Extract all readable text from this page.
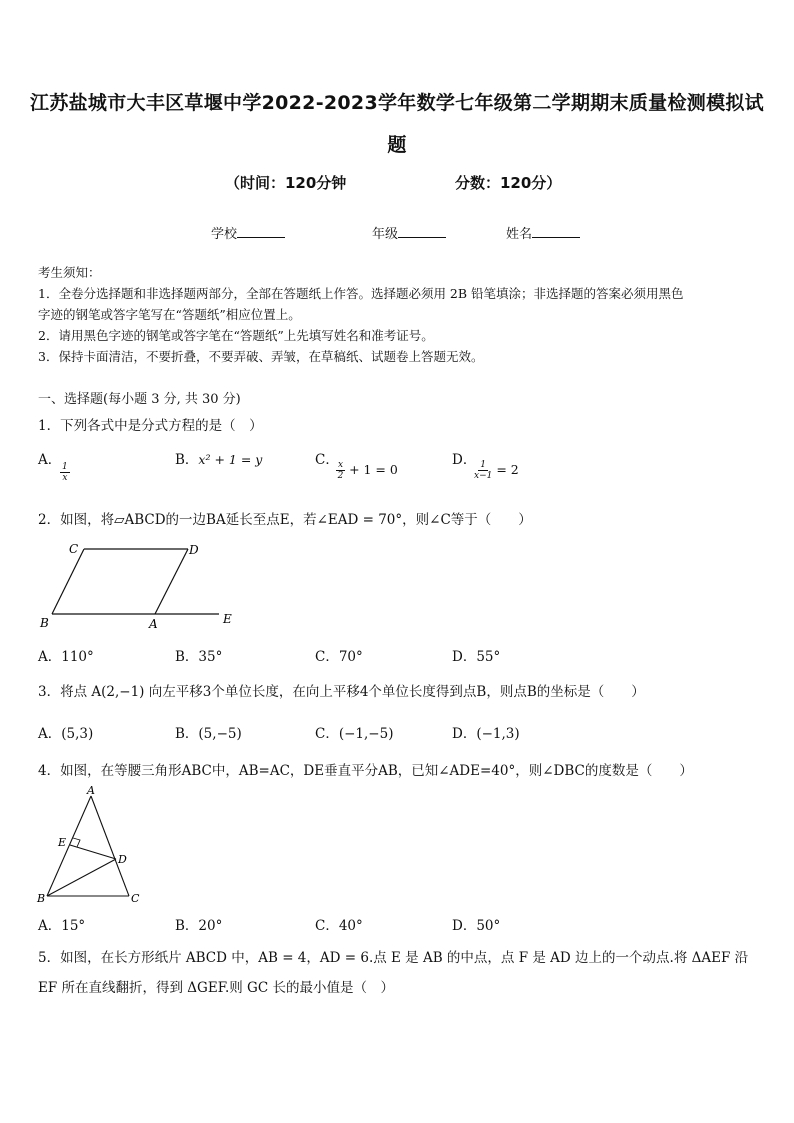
江苏盐城市大丰区草堰中学2022-2023学年数学七年级第二学期期末质量检测模拟试
题
（时间：120分钟	分数：120分）
学校	年级	姓名
考生须知：
1．全卷分选择题和非选择题两部分，全部在答题纸上作答。选择题必须用 2B 铅笔填涂；非选择题的答案必须用黑色
字迹的钢笔或答字笔写在“答题纸”相应位置上。
2．请用黑色字迹的钢笔或答字笔在“答题纸”上先填写姓名和准考证号。
3．保持卡面清洁，不要折叠，不要弄破、弄皱，在草稿纸、试题卷上答题无效。
一、选择题(每小题 3 分, 共 30 分)
1．下列各式中是分式方程的是（　）
A．
$\frac{1}{x}$
B．x² + 1 = y	C．
$\frac{x}{2} + 1 = 0$
D．
$\frac{1}{x-1} = 2$
2．如图，将▱ABCD的一边BA延长至点E，若∠EAD = 70°，则∠C等于（　　）
C	D
B	A	E
A．110°	B．35°	C．70°	D．55°
3．将点 A(2,−1) 向左平移3个单位长度，在向上平移4个单位长度得到点B，则点B的坐标是（　　）
A．(5,3)	B．(5,−5)	C．(−1,−5)	D．(−1,3)
4．如图，在等腰三角形ABC中，AB=AC，DE垂直平分AB，已知∠ADE=40°，则∠DBC的度数是（　　）
A
E
D
B	C
A．15°	B．20°	C．40°	D．50°
5．如图，在长方形纸片 ABCD 中，AB = 4，AD = 6.点 E 是 AB 的中点，点 F 是 AD 边上的一个动点.将 ΔAEF 沿
EF 所在直线翻折，得到 ΔGEF.则 GC 长的最小值是（　）
